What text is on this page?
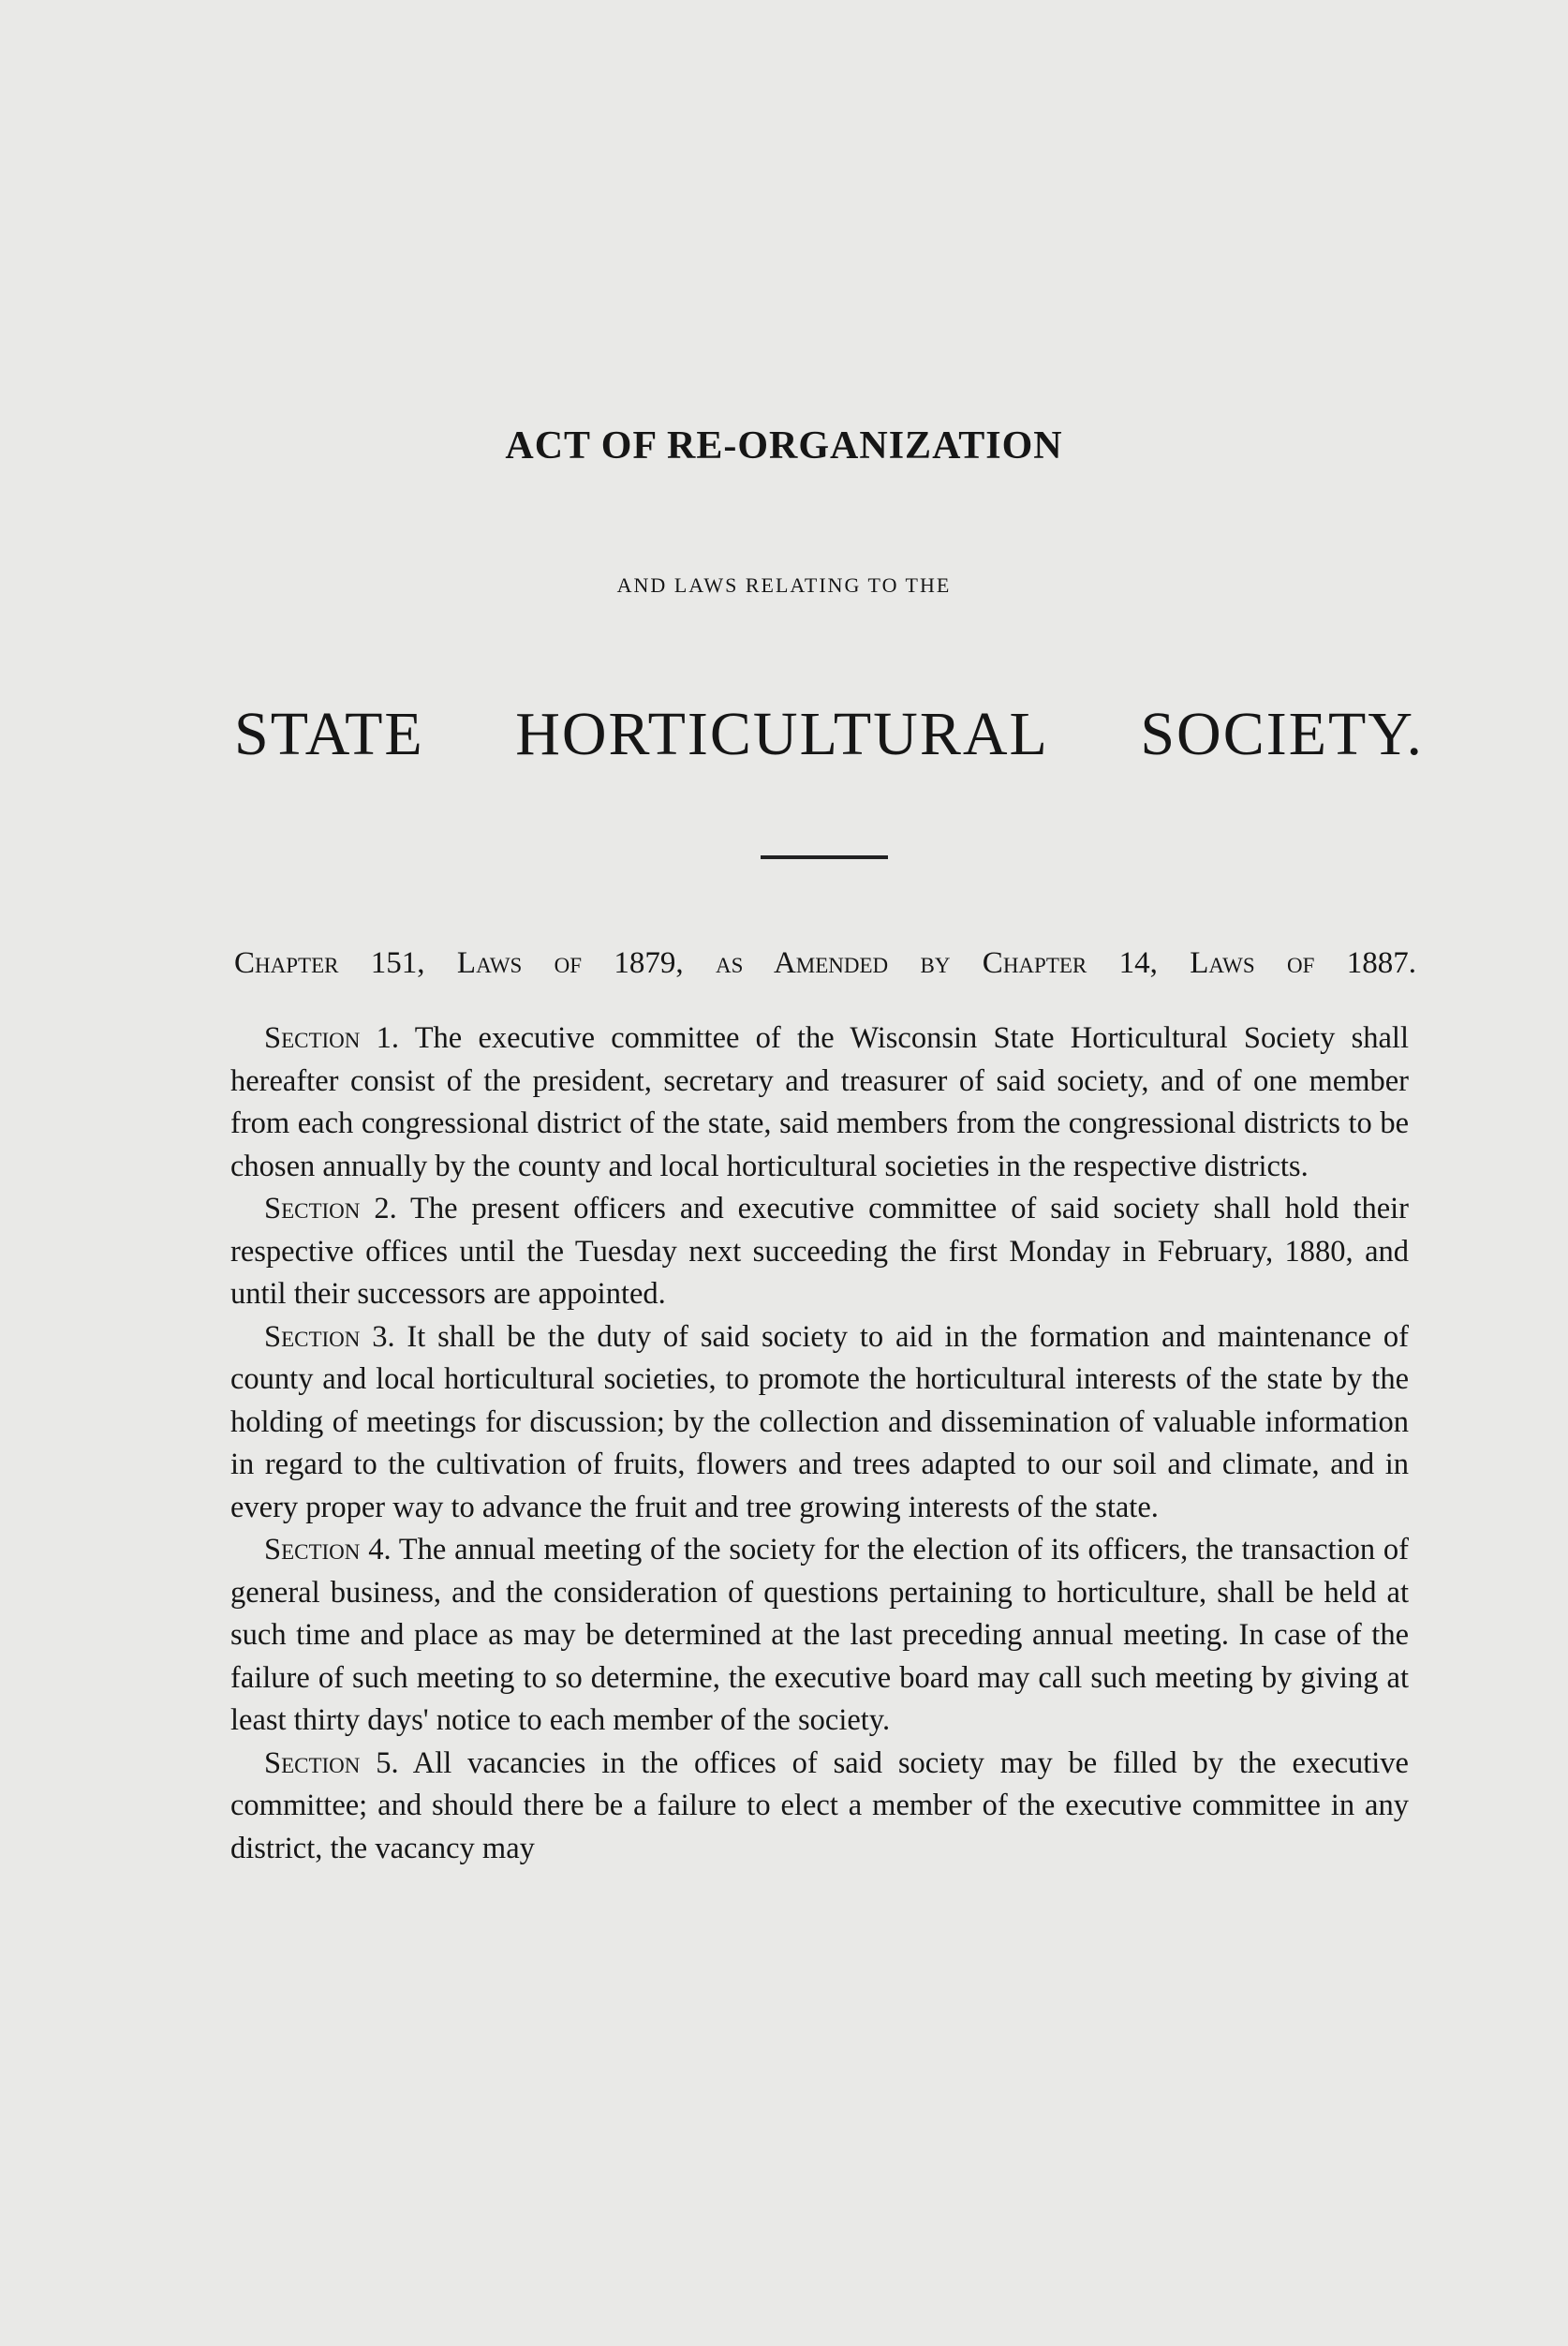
ACT OF RE-ORGANIZATION
AND LAWS RELATING TO THE
STATE HORTICULTURAL SOCIETY.
Chapter 151, Laws of 1879, as Amended by Chapter 14, Laws of 1887.

Section 1. The executive committee of the Wisconsin State Horticultural Society shall hereafter consist of the president, secretary and treasurer of said society, and of one member from each congressional district of the state, said members from the congressional districts to be chosen annually by the county and local horticultural societies in the respective districts.

Section 2. The present officers and executive committee of said society shall hold their respective offices until the Tuesday next succeeding the first Monday in February, 1880, and until their successors are appointed.

Section 3. It shall be the duty of said society to aid in the formation and maintenance of county and local horticultural societies, to promote the horticultural interests of the state by the holding of meetings for discussion; by the collection and dissemination of valuable information in regard to the cultivation of fruits, flowers and trees adapted to our soil and climate, and in every proper way to advance the fruit and tree growing interests of the state.

Section 4. The annual meeting of the society for the election of its officers, the transaction of general business, and the consideration of questions pertaining to horticulture, shall be held at such time and place as may be determined at the last preceding annual meeting. In case of the failure of such meeting to so determine, the executive board may call such meeting by giving at least thirty days' notice to each member of the society.

Section 5. All vacancies in the offices of said society may be filled by the executive committee; and should there be a failure to elect a member of the executive committee in any district, the vacancy may
